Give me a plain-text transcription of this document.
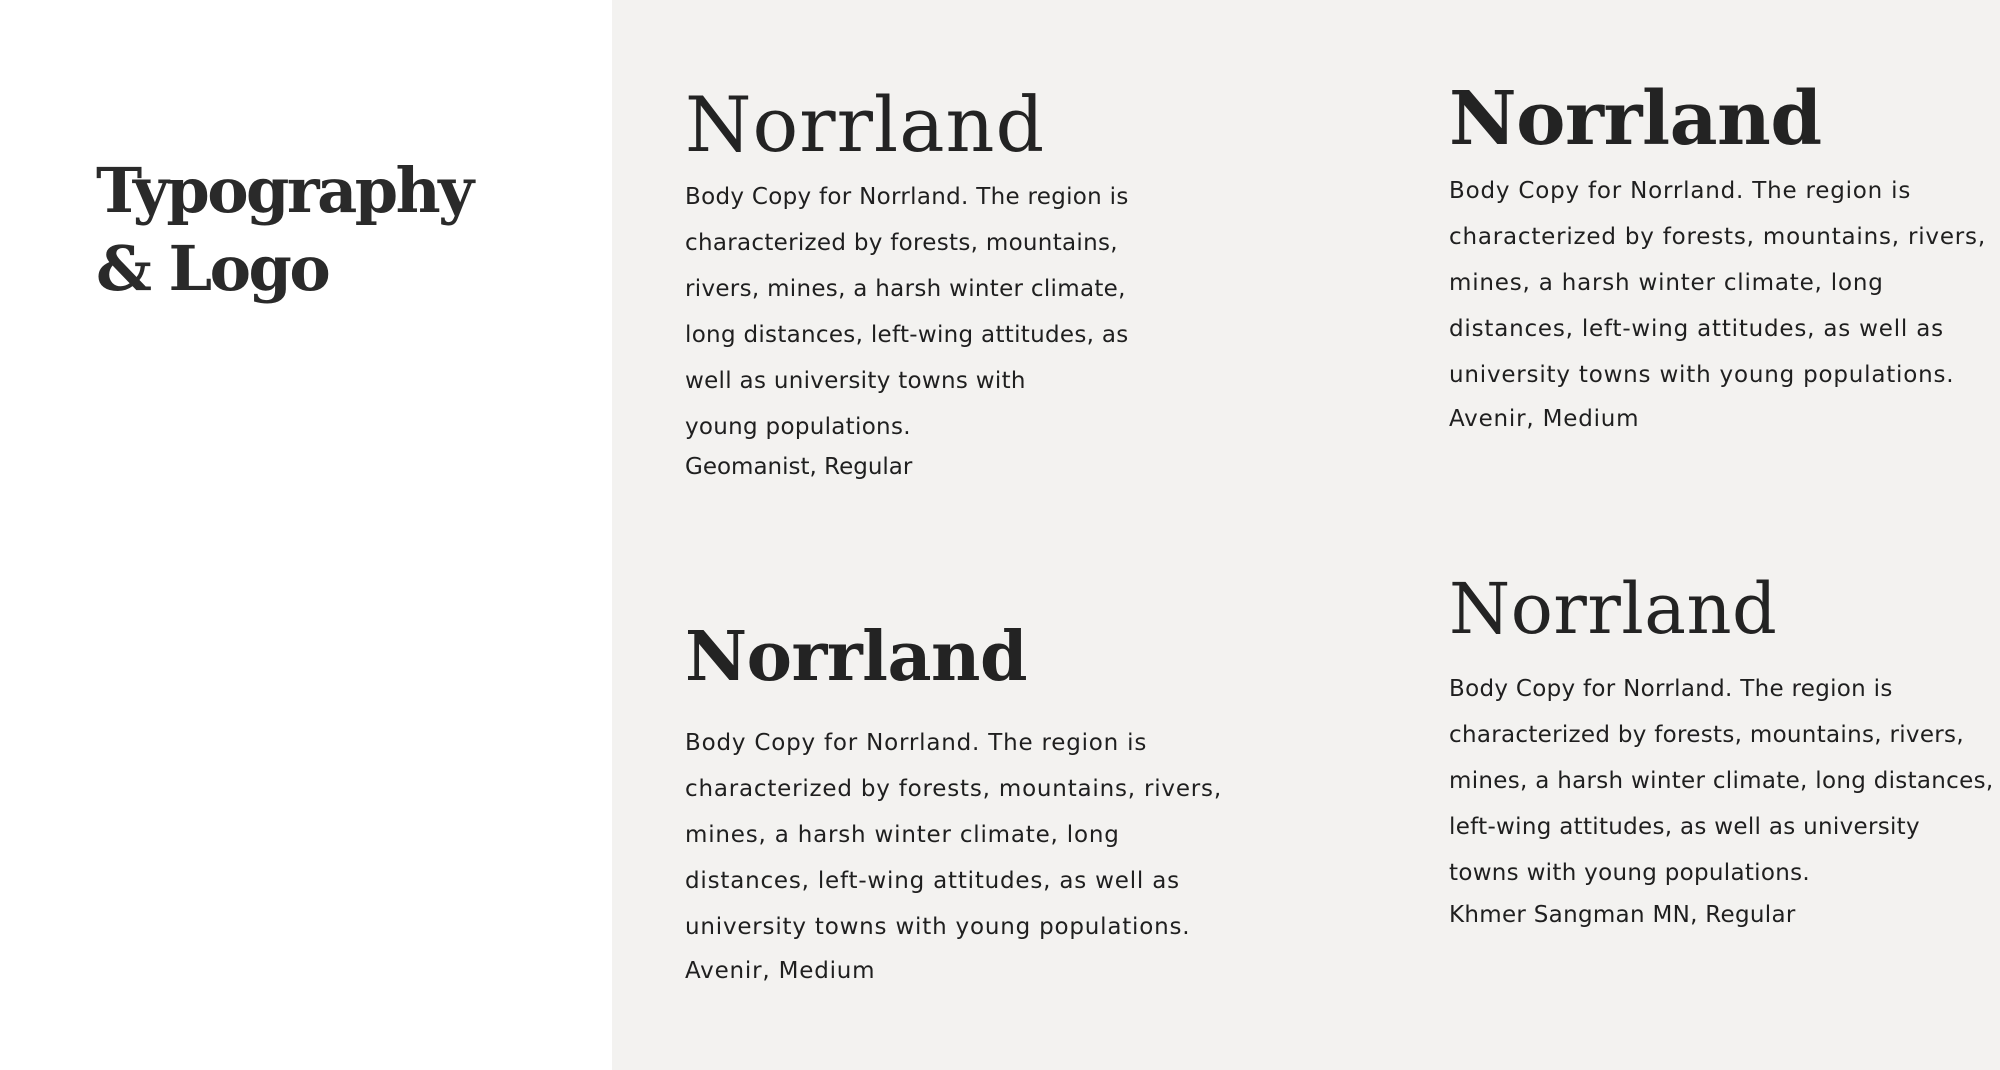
Typography
& Logo
Norrland

Body Copy for Norrland. The region is
characterized by forests, mountains,
rivers, mines, a harsh winter climate,
long distances, left-wing attitudes, as
well as university towns with
young populations.

Geomanist, Regular

Norrland

Body Copy for Norrland. The region is
characterized by forests, mountains, rivers,
mines, a harsh winter climate, long
distances, left-wing attitudes, as well as
university towns with young populations.

Avenir, Medium

Norrland

Body Copy for Norrland. The region is
characterized by forests, mountains, rivers,
mines, a harsh winter climate, long
distances, left-wing attitudes, as well as
university towns with young populations.

Avenir, Medium

Norrland

Body Copy for Norrland. The region is
characterized by forests, mountains, rivers,
mines, a harsh winter climate, long distances,
left-wing attitudes, as well as university
towns with young populations.

Khmer Sangman MN, Regular
